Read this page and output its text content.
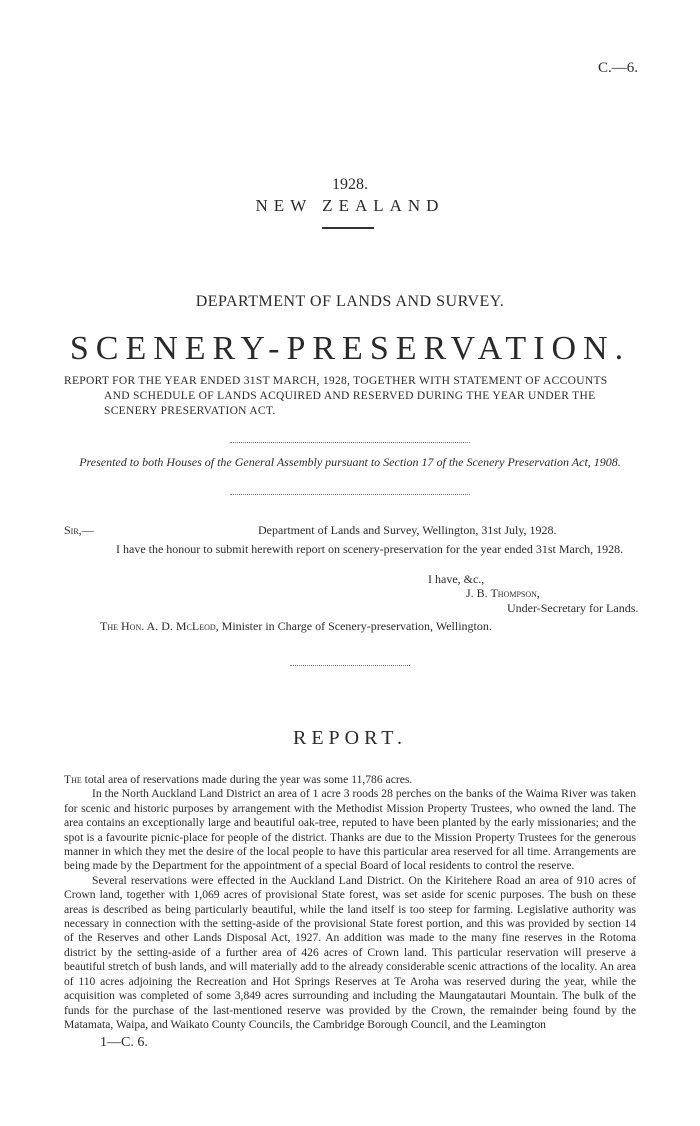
C.—6.
1928.
NEW ZEALAND
DEPARTMENT OF LANDS AND SURVEY.
SCENERY-PRESERVATION.
REPORT FOR THE YEAR ENDED 31ST MARCH, 1928, TOGETHER WITH STATEMENT OF ACCOUNTS
AND SCHEDULE OF LANDS ACQUIRED AND RESERVED DURING THE YEAR UNDER THE SCENERY PRESERVATION ACT.
Presented to both Houses of the General Assembly pursuant to Section 17 of the Scenery Preservation Act, 1908.
Sir,—	Department of Lands and Survey, Wellington, 31st July, 1928.
I have the honour to submit herewith report on scenery-preservation for the year ended 31st March, 1928.
I have, &c.,
J. B. Thompson,
Under-Secretary for Lands.
The Hon. A. D. McLeod, Minister in Charge of Scenery-preservation, Wellington.
REPORT.

The total area of reservations made during the year was some 11,786 acres.

In the North Auckland Land District an area of 1 acre 3 roods 28 perches on the banks of the Waima River was taken for scenic and historic purposes by arrangement with the Methodist Mission Property Trustees, who owned the land. The area contains an exceptionally large and beautiful oak-tree, reputed to have been planted by the early missionaries; and the spot is a favourite picnic-place for people of the district. Thanks are due to the Mission Property Trustees for the generous manner in which they met the desire of the local people to have this particular area reserved for all time. Arrangements are being made by the Department for the appointment of a special Board of local residents to control the reserve.

Several reservations were effected in the Auckland Land District. On the Kiritehere Road an area of 910 acres of Crown land, together with 1,069 acres of provisional State forest, was set aside for scenic purposes. The bush on these areas is described as being particularly beautiful, while the land itself is too steep for farming. Legislative authority was necessary in connection with the setting-aside of the provisional State forest portion, and this was provided by section 14 of the Reserves and other Lands Disposal Act, 1927. An addition was made to the many fine reserves in the Rotoma district by the setting-aside of a further area of 426 acres of Crown land. This particular reservation will preserve a beautiful stretch of bush lands, and will materially add to the already considerable scenic attractions of the locality. An area of 110 acres adjoining the Recreation and Hot Springs Reserves at Te Aroha was reserved during the year, while the acquisition was completed of some 3,849 acres surrounding and including the Maungatautari Mountain. The bulk of the funds for the purchase of the last-mentioned reserve was provided by the Crown, the remainder being found by the Matamata, Waipa, and Waikato County Councils, the Cambridge Borough Council, and the Leamington

1—C. 6.
